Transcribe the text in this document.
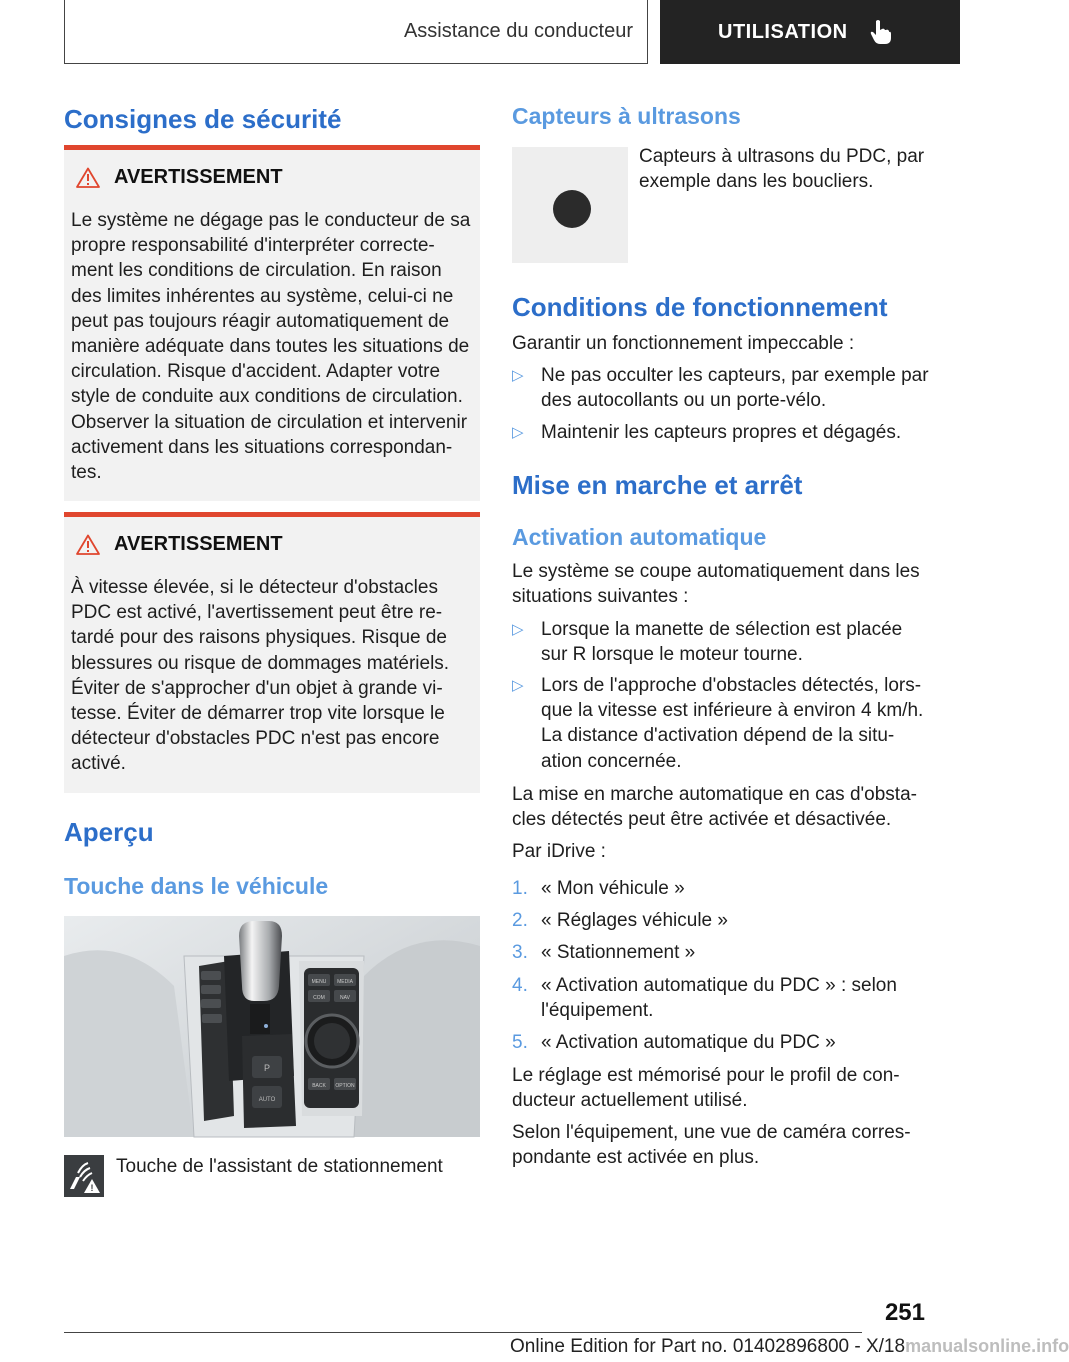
Assistance du conducteur	UTILISATION
Consignes de sécurité
AVERTISSEMENT
Le système ne dégage pas le conducteur de sa
propre responsabilité d'interpréter correcte-
ment les conditions de circulation. En raison
des limites inhérentes au système, celui-ci ne
peut pas toujours réagir automatiquement de
manière adéquate dans toutes les situations de
circulation. Risque d'accident. Adapter votre
style de conduite aux conditions de circulation.
Observer la situation de circulation et intervenir
activement dans les situations correspondan-
tes.
AVERTISSEMENT
À vitesse élevée, si le détecteur d'obstacles
PDC est activé, l'avertissement peut être re-
tardé pour des raisons physiques. Risque de
blessures ou risque de dommages matériels.
Éviter de s'approcher d'un objet à grande vi-
tesse. Éviter de démarrer trop vite lorsque le
détecteur d'obstacles PDC n'est pas encore
activé.
Aperçu
Touche dans le véhicule
P
AUTO
MENU MEDIA
COM	NAV
BACK OPTION
!

Touche de l'assistant de stationnement

Capteurs à ultrasons
Capteurs à ultrasons du PDC, par
exemple dans les boucliers.
Conditions de fonctionnement

Garantir un fonctionnement impeccable :

▷ Ne pas occulter les capteurs, par exemple par
des autocollants ou un porte-vélo.
▷ Maintenir les capteurs propres et dégagés.
Mise en marche et arrêt
Activation automatique
Le système se coupe automatiquement dans les
situations suivantes :
▷ Lorsque la manette de sélection est placée
sur R lorsque le moteur tourne.
▷ Lors de l'approche d'obstacles détectés, lors-
que la vitesse est inférieure à environ 4 km/h.
La distance d'activation dépend de la situ-
ation concernée.
La mise en marche automatique en cas d'obsta-
cles détectés peut être activée et désactivée.

Par iDrive :

1. « Mon véhicule »
2. « Réglages véhicule »
3. « Stationnement »
4. « Activation automatique du PDC » : selon
l'équipement.
5. « Activation automatique du PDC »
Le réglage est mémorisé pour le profil de con-
ducteur actuellement utilisé.
Selon l'équipement, une vue de caméra corres-
pondante est activée en plus.
251
Online Edition for Part no. 01402896800 - X/18manualsonline.info
